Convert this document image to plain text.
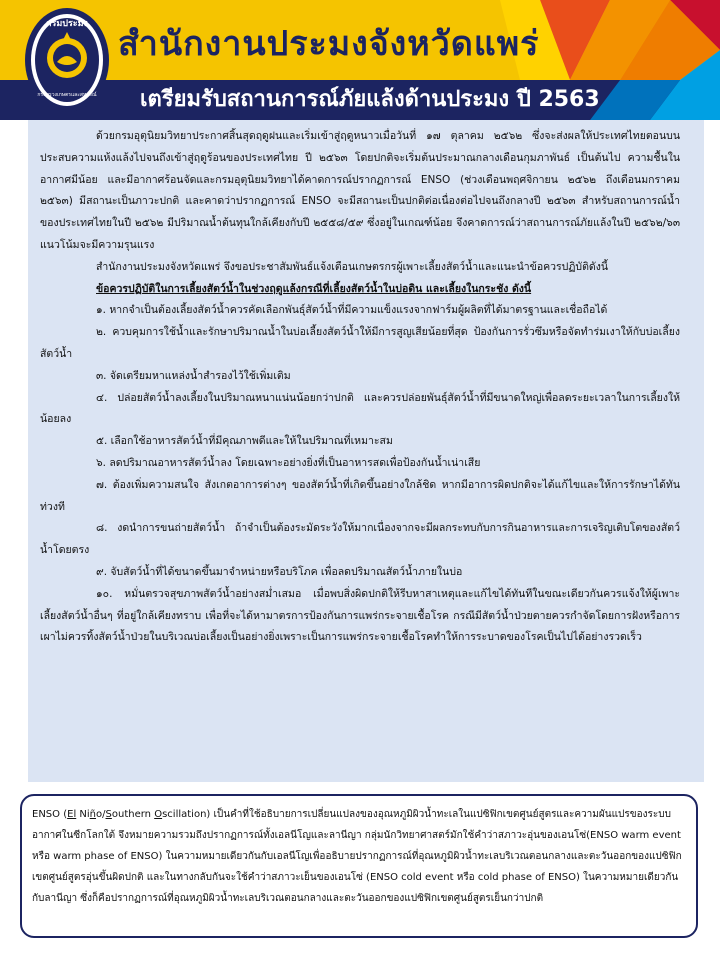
กรมประมง
กระทรวงเกษตรและสหกรณ์
สำนักงานประมงจังหวัดแพร่
เตรียมรับสถานการณ์ภัยแล้งด้านประมง ปี 2563

ด้วยกรมอุตุนิยมวิทยาประกาศสิ้นสุดฤดูฝนและเริ่มเข้าสู่ฤดูหนาวเมื่อวันที่ ๑๗ ตุลาคม ๒๕๖๒ ซึ่งจะส่งผลให้ประเทศไทยตอนบนประสบความแห้งแล้งไปจนถึงเข้าสู่ฤดูร้อนของประเทศไทย ปี ๒๕๖๓ โดยปกติจะเริ่มต้นประมาณกลางเดือนกุมภาพันธ์ เป็นต้นไป ความชื้นในอากาศมีน้อย และมีอากาศร้อนจัดและกรมอุตุนิยมวิทยาได้คาดการณ์ปรากฏการณ์ ENSO (ช่วงเดือนพฤศจิกายน ๒๕๖๒ ถึงเดือนมกราคม ๒๕๖๓) มีสถานะเป็นภาวะปกติ และคาดว่าปรากฏการณ์ ENSO จะมีสถานะเป็นปกติต่อเนื่องต่อไปจนถึงกลางปี ๒๕๖๓ สำหรับสถานการณ์น้ำของประเทศไทยในปี ๒๕๖๒ มีปริมาณน้ำต้นทุนใกล้เคียงกับปี ๒๕๕๘/๕๙ ซึ่งอยู่ในเกณฑ์น้อย จึงคาดการณ์ว่าสถานการณ์ภัยแล้งในปี ๒๕๖๒/๖๓ แนวโน้มจะมีความรุนแรง

สำนักงานประมงจังหวัดแพร่ จึงขอประชาสัมพันธ์แจ้งเตือนเกษตรกรผู้เพาะเลี้ยงสัตว์น้ำและแนะนำข้อควรปฏิบัติดังนี้

ข้อควรปฏิบัติในการเลี้ยงสัตว์น้ำในช่วงฤดูแล้งกรณีที่เลี้ยงสัตว์น้ำในบ่อดิน และเลี้ยงในกระชัง ดังนี้

๑. หากจำเป็นต้องเลี้ยงสัตว์น้ำควรคัดเลือกพันธุ์สัตว์น้ำที่มีความแข็งแรงจากฟาร์มผู้ผลิตที่ได้มาตรฐานและเชื่อถือได้

๒. ควบคุมการใช้น้ำและรักษาปริมาณน้ำในบ่อเลี้ยงสัตว์น้ำให้มีการสูญเสียน้อยที่สุด ป้องกันการรั่วซึมหรือจัดทำร่มเงาให้กับบ่อเลี้ยงสัตว์น้ำ

๓. จัดเตรียมหาแหล่งน้ำสำรองไว้ใช้เพิ่มเติม

๔. ปล่อยสัตว์น้ำลงเลี้ยงในปริมาณหนาแน่นน้อยกว่าปกติ และควรปล่อยพันธุ์สัตว์น้ำที่มีขนาดใหญ่เพื่อลดระยะเวลาในการเลี้ยงให้น้อยลง

๕. เลือกใช้อาหารสัตว์น้ำที่มีคุณภาพดีและให้ในปริมาณที่เหมาะสม

๖. ลดปริมาณอาหารสัตว์น้ำลง โดยเฉพาะอย่างยิ่งที่เป็นอาหารสดเพื่อป้องกันน้ำเน่าเสีย

๗. ต้องเพิ่มความสนใจ สังเกตอาการต่างๆ ของสัตว์น้ำที่เกิดขึ้นอย่างใกล้ชิด หากมีอาการผิดปกติจะได้แก้ไขและให้การรักษาได้ทันท่วงที

๘. งดนำการขนถ่ายสัตว์น้ำ ถ้าจำเป็นต้องระมัดระวังให้มากเนื่องจากจะมีผลกระทบกับการกินอาหารและการเจริญเติบโตของสัตว์น้ำโดยตรง

๙. จับสัตว์น้ำที่ได้ขนาดขึ้นมาจำหน่ายหรือบริโภค เพื่อลดปริมาณสัตว์น้ำภายในบ่อ

๑๐. หมั่นตรวจสุขภาพสัตว์น้ำอย่างสม่ำเสมอ เมื่อพบสิ่งผิดปกติให้รีบหาสาเหตุและแก้ไขได้ทันทีในขณะเดียวกันควรแจ้งให้ผู้เพาะเลี้ยงสัตว์น้ำอื่นๆ ที่อยู่ใกล้เคียงทราบ เพื่อที่จะได้หามาตรการป้องกันการแพร่กระจายเชื้อโรค กรณีมีสัตว์น้ำป่วยตายควรกำจัดโดยการฝังหรือการเผาไม่ควรทิ้งสัตว์น้ำป่วยในบริเวณบ่อเลี้ยงเป็นอย่างยิ่งเพราะเป็นการแพร่กระจายเชื้อโรคทำให้การระบาดของโรคเป็นไปได้อย่างรวดเร็ว

ENSO (El Niño/Southern Oscillation) เป็นคำที่ใช้อธิบายการเปลี่ยนแปลงของอุณหภูมิผิวน้ำทะเลในแปซิฟิกเขตศูนย์สูตรและความผันแปรของระบบอากาศในซีกโลกใต้ จึงหมายความรวมถึงปรากฏการณ์ทั้งเอลนีโญและลานีญา กลุ่มนักวิทยาศาสตร์มักใช้คำว่าสภาวะอุ่นของเอนโซ่(ENSO warm event หรือ warm phase of ENSO) ในความหมายเดียวกันกับเอลนีโญเพื่ออธิบายปรากฏการณ์ที่อุณหภูมิผิวน้ำทะเลบริเวณตอนกลางและตะวันออกของแปซิฟิกเขตศูนย์สูตรอุ่นขึ้นผิดปกติ และในทางกลับกันจะใช้คำว่าสภาวะเย็นของเอนโซ่ (ENSO cold event หรือ cold phase of ENSO) ในความหมายเดียวกันกับลานีญา ซึ่งก็คือปรากฏการณ์ที่อุณหภูมิผิวน้ำทะเลบริเวณตอนกลางและตะวันออกของแปซิฟิกเขตศูนย์สูตรเย็นกว่าปกติ
